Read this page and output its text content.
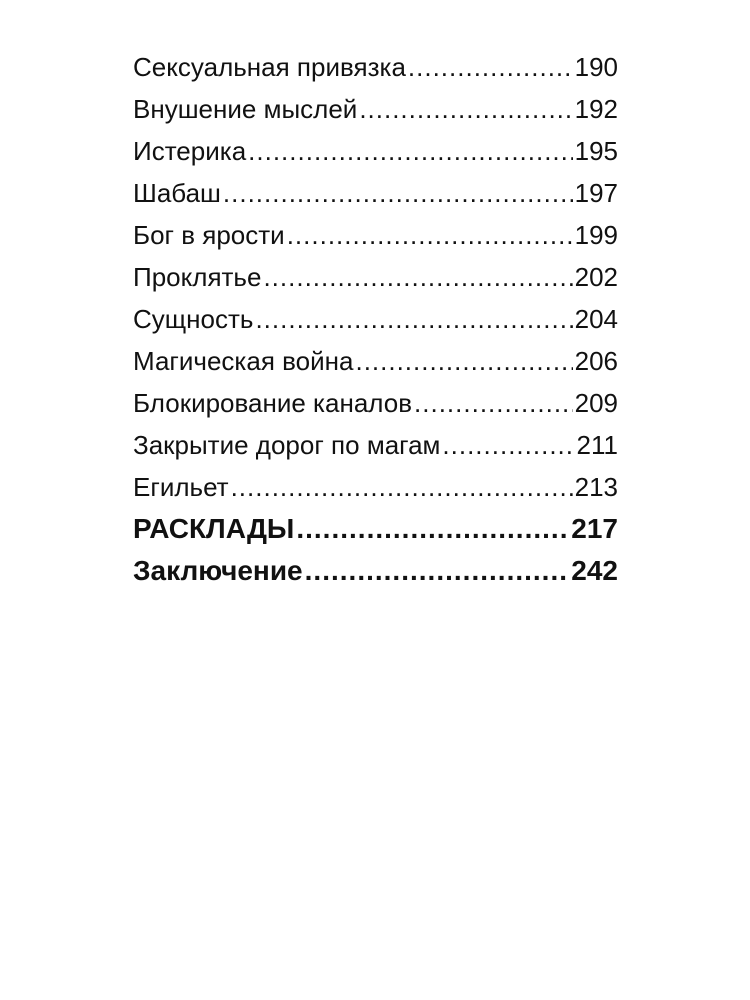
Сексуальная привязка .....	190
Внушение мыслей .....	192
Истерика .....	195
Шабаш .....	197
Бог в ярости .....	199
Проклятье .....	202
Сущность .....	204
Магическая война .....	206
Блокирование каналов .....	209
Закрытие дорог по магам .....	211
Егильет .....	213
РАСКЛАДЫ .....	217
Заключение .....	242
